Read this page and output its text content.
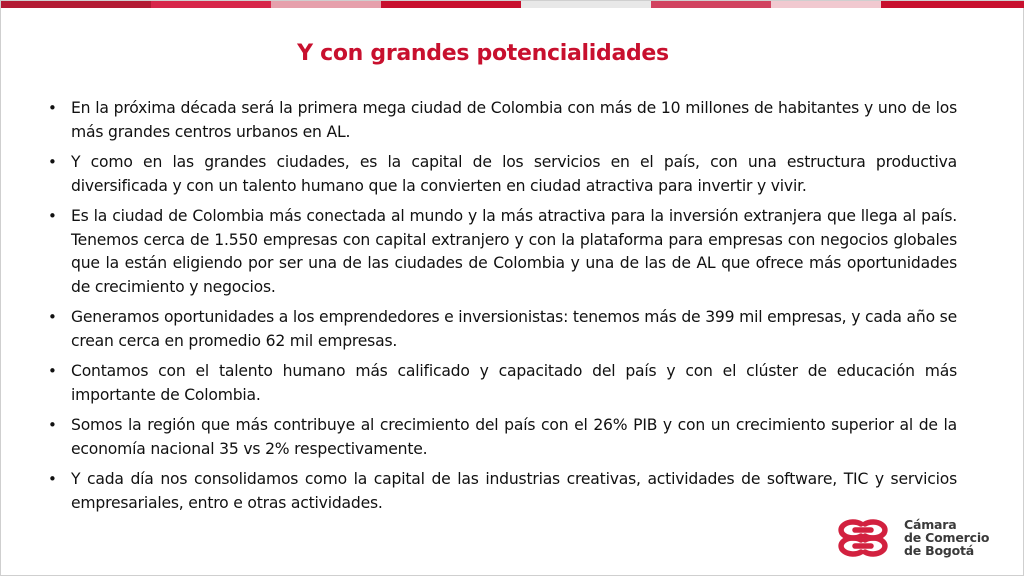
Y con grandes potencialidades
• En la próxima década será la primera mega ciudad de Colombia con más de 10 millones de habitantes y uno de los más grandes centros urbanos en AL.
• Y como en las grandes ciudades, es la capital de los servicios en el país, con una estructura productiva diversificada y con un talento humano que la convierten en ciudad atractiva para invertir y vivir.
• Es la ciudad de Colombia más conectada al mundo y la más atractiva para la inversión extranjera que llega al país. Tenemos cerca de 1.550 empresas con capital extranjero y con la plataforma para empresas con negocios globales que la están eligiendo por ser una de las ciudades de Colombia y una de las de AL que ofrece más oportunidades de crecimiento y negocios.
• Generamos oportunidades a los emprendedores e inversionistas: tenemos más de 399 mil empresas, y cada año se crean cerca en promedio 62 mil empresas.
• Contamos con el talento humano más calificado y capacitado del país y con el clúster de educación más importante de Colombia.
• Somos la región que más contribuye al crecimiento del país con el 26% PIB y con un crecimiento superior al de la economía nacional 35 vs 2% respectivamente.
• Y cada día nos consolidamos como la capital de las industrias creativas, actividades de software, TIC y servicios empresariales, entro e otras actividades.
Cámara
de Comercio
de Bogotá
